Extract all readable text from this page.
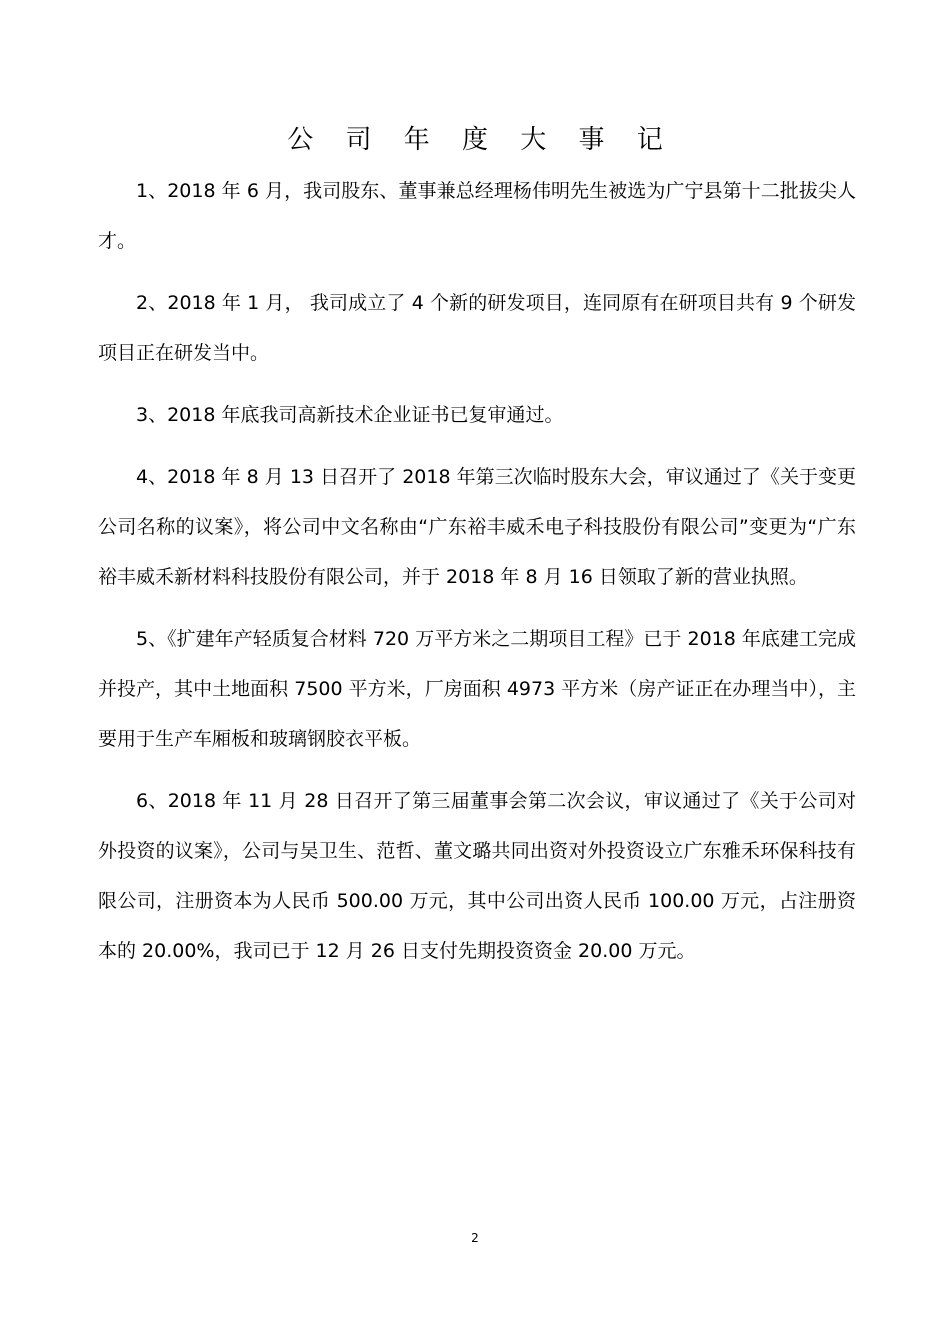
公 司 年 度 大 事 记

1、2018 年 6 月，我司股东、董事兼总经理杨伟明先生被选为广宁县第十二批拔尖人才。

2、2018 年 1 月， 我司成立了 4 个新的研发项目，连同原有在研项目共有 9 个研发项目正在研发当中。

3、2018 年底我司高新技术企业证书已复审通过。

4、2018 年 8 月 13 日召开了 2018 年第三次临时股东大会，审议通过了《关于变更公司名称的议案》，将公司中文名称由“广东裕丰威禾电子科技股份有限公司”变更为“广东裕丰威禾新材料科技股份有限公司，并于 2018 年 8 月 16 日领取了新的营业执照。

5、《扩建年产轻质复合材料 720 万平方米之二期项目工程》已于 2018 年底建工完成并投产，其中土地面积 7500 平方米，厂房面积 4973 平方米（房产证正在办理当中），主要用于生产车厢板和玻璃钢胶衣平板。

6、2018 年 11 月 28 日召开了第三届董事会第二次会议，审议通过了《关于公司对外投资的议案》，公司与吴卫生、范哲、董文璐共同出资对外投资设立广东雅禾环保科技有限公司，注册资本为人民币 500.00 万元，其中公司出资人民币 100.00 万元，占注册资本的 20.00%，我司已于 12 月 26 日支付先期投资资金 20.00 万元。

2
